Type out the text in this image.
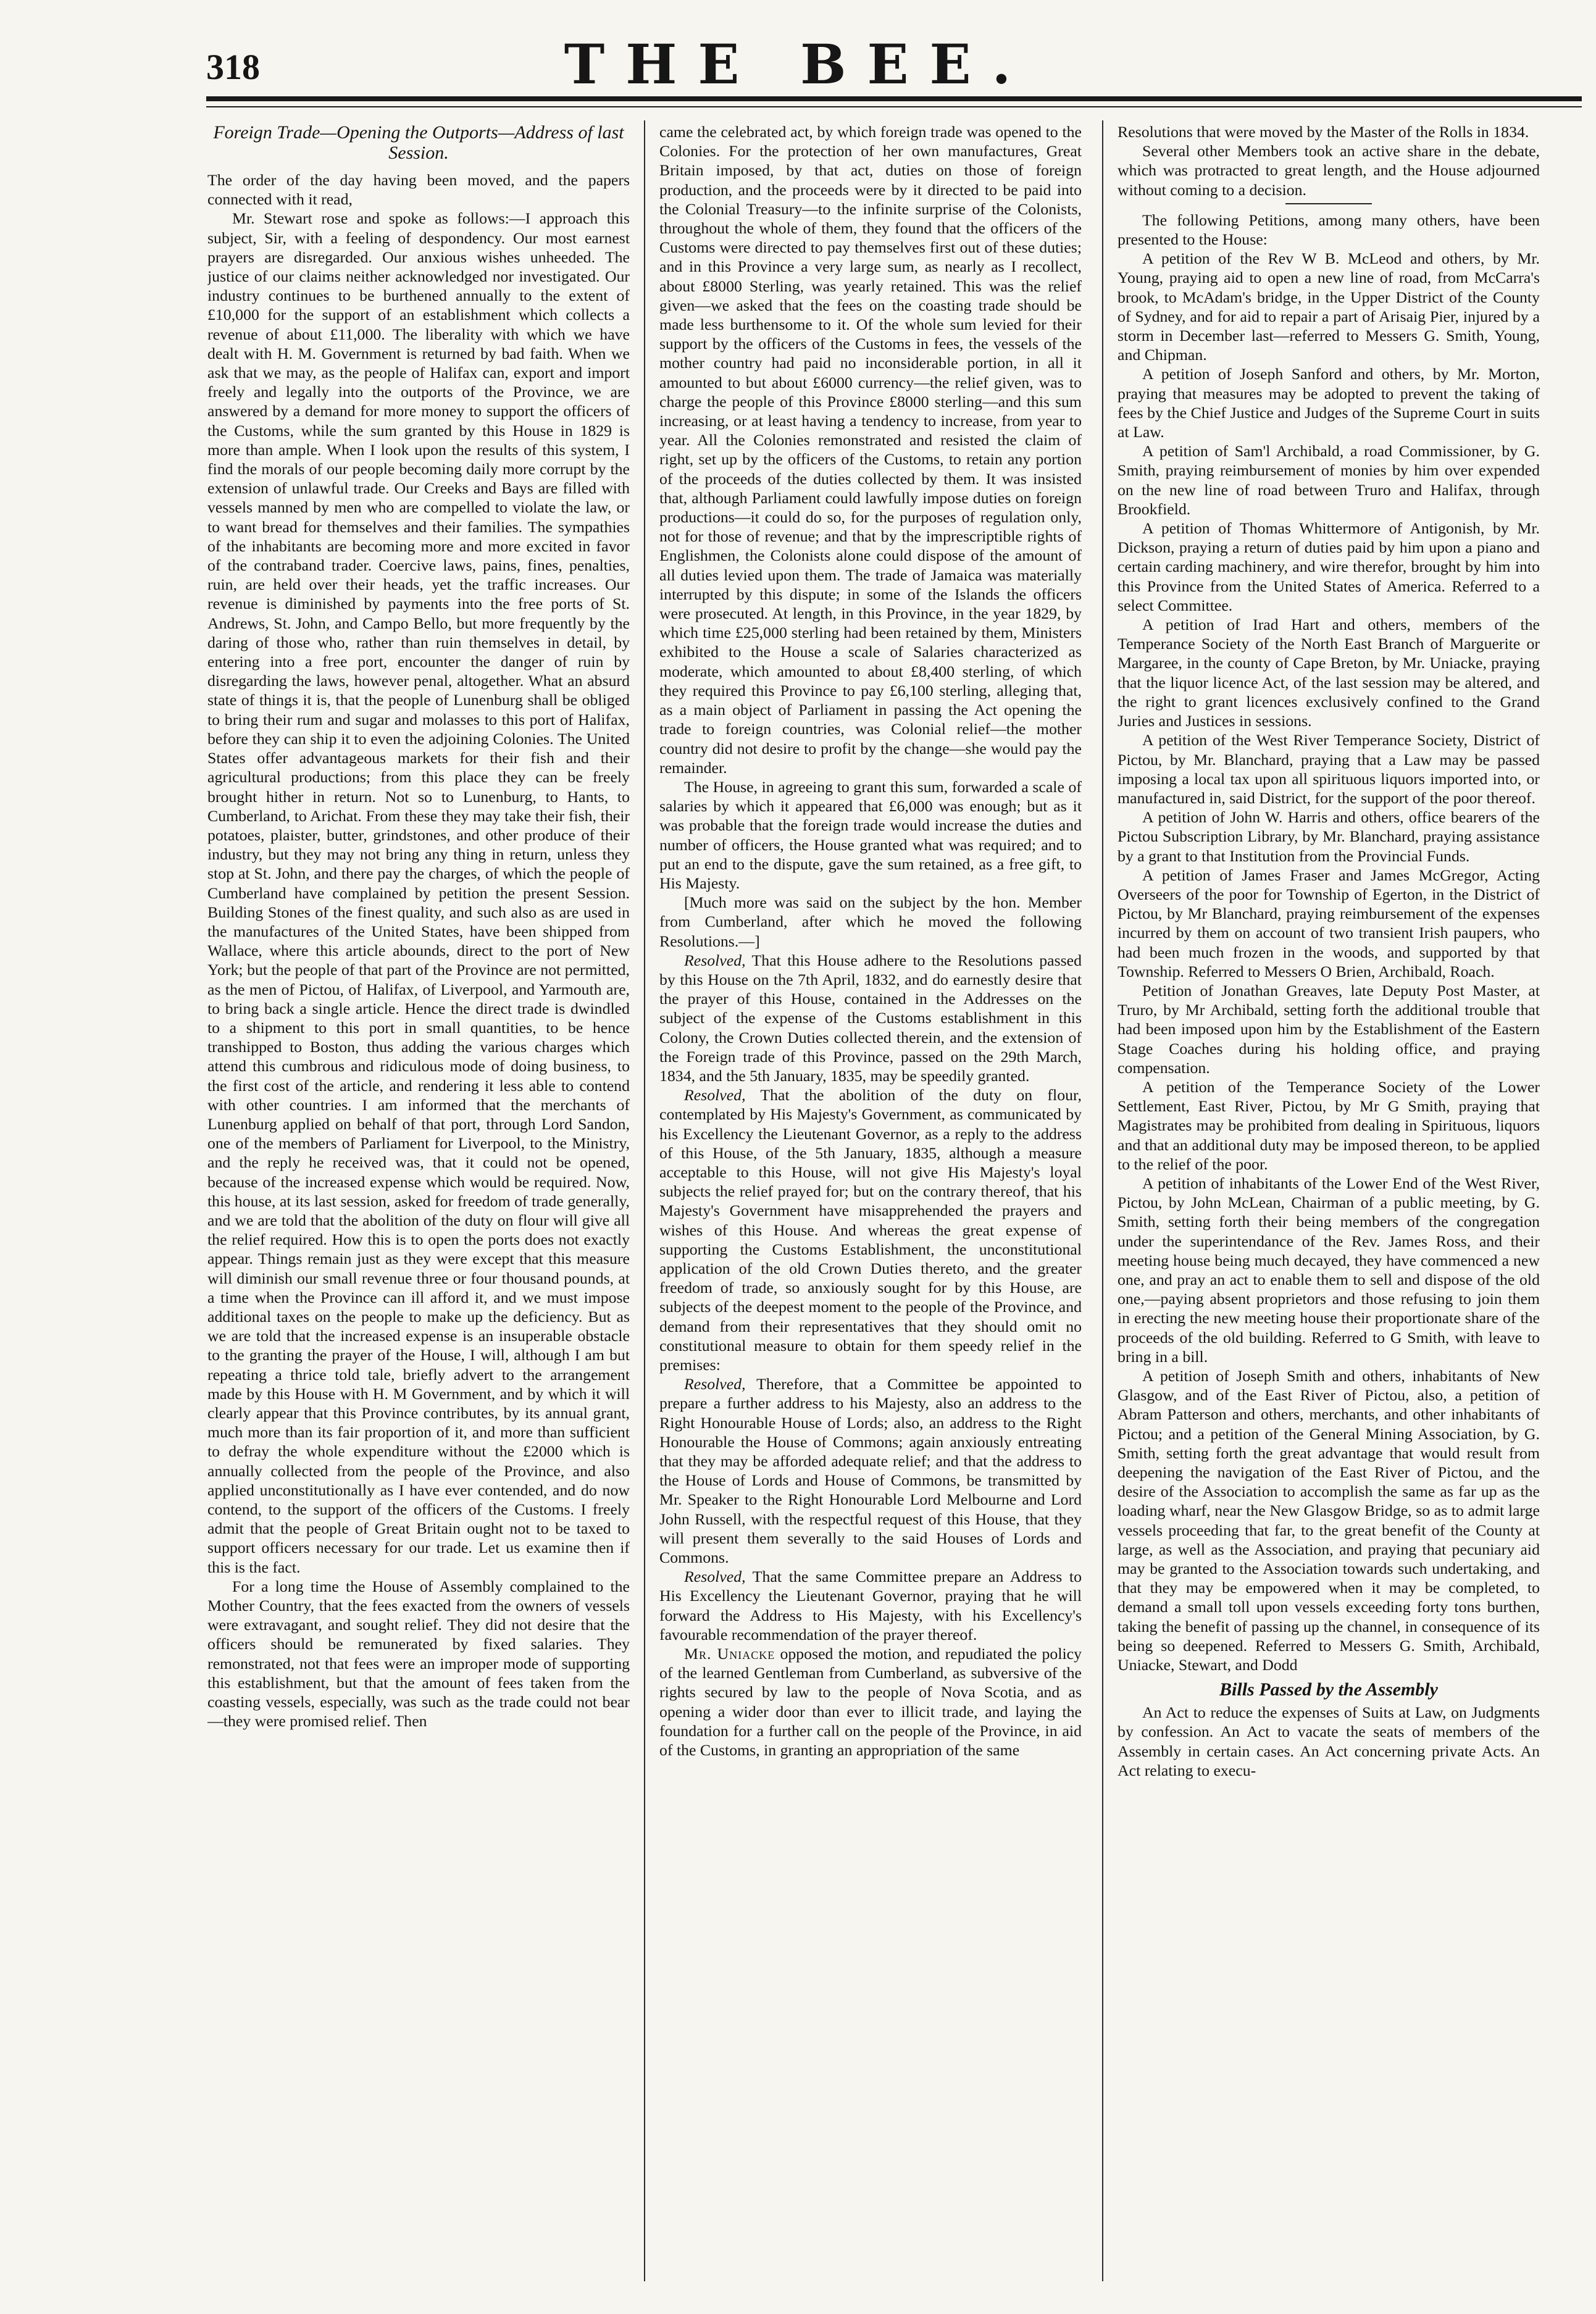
318	THE BEE.
Foreign Trade—Opening the Outports—Address of last Session.

The order of the day having been moved, and the papers connected with it read,

Mr. Stewart rose and spoke as follows:—I approach this subject, Sir, with a feeling of despondency. Our most earnest prayers are disregarded. Our anxious wishes unheeded. The justice of our claims neither acknowledged nor investigated. Our industry continues to be burthened annually to the extent of £10,000 for the support of an establishment which collects a revenue of about £11,000. The liberality with which we have dealt with H. M. Government is returned by bad faith. When we ask that we may, as the people of Halifax can, export and import freely and legally into the outports of the Province, we are answered by a demand for more money to support the officers of the Customs, while the sum granted by this House in 1829 is more than ample. When I look upon the results of this system, I find the morals of our people becoming daily more corrupt by the extension of unlawful trade. Our Creeks and Bays are filled with vessels manned by men who are compelled to violate the law, or to want bread for themselves and their families. The sympathies of the inhabitants are becoming more and more excited in favor of the contraband trader. Coercive laws, pains, fines, penalties, ruin, are held over their heads, yet the traffic increases. Our revenue is diminished by payments into the free ports of St. Andrews, St. John, and Campo Bello, but more frequently by the daring of those who, rather than ruin themselves in detail, by entering into a free port, encounter the danger of ruin by disregarding the laws, however penal, altogether. What an absurd state of things it is, that the people of Lunenburg shall be obliged to bring their rum and sugar and molasses to this port of Halifax, before they can ship it to even the adjoining Colonies. The United States offer advantageous markets for their fish and their agricultural productions; from this place they can be freely brought hither in return. Not so to Lunenburg, to Hants, to Cumberland, to Arichat. From these they may take their fish, their potatoes, plaister, butter, grindstones, and other produce of their industry, but they may not bring any thing in return, unless they stop at St. John, and there pay the charges, of which the people of Cumberland have complained by petition the present Session. Building Stones of the finest quality, and such also as are used in the manufactures of the United States, have been shipped from Wallace, where this article abounds, direct to the port of New York; but the people of that part of the Province are not permitted, as the men of Pictou, of Halifax, of Liverpool, and Yarmouth are, to bring back a single article. Hence the direct trade is dwindled to a shipment to this port in small quantities, to be hence transhipped to Boston, thus adding the various charges which attend this cumbrous and ridiculous mode of doing business, to the first cost of the article, and rendering it less able to contend with other countries. I am informed that the merchants of Lunenburg applied on behalf of that port, through Lord Sandon, one of the members of Parliament for Liverpool, to the Ministry, and the reply he received was, that it could not be opened, because of the increased expense which would be required. Now, this house, at its last session, asked for freedom of trade generally, and we are told that the abolition of the duty on flour will give all the relief required. How this is to open the ports does not exactly appear. Things remain just as they were except that this measure will diminish our small revenue three or four thousand pounds, at a time when the Province can ill afford it, and we must impose additional taxes on the people to make up the deficiency. But as we are told that the increased expense is an insuperable obstacle to the granting the prayer of the House, I will, although I am but repeating a thrice told tale, briefly advert to the arrangement made by this House with H. M Government, and by which it will clearly appear that this Province contributes, by its annual grant, much more than its fair proportion of it, and more than sufficient to defray the whole expenditure without the £2000 which is annually collected from the people of the Province, and also applied unconstitutionally as I have ever contended, and do now contend, to the support of the officers of the Customs. I freely admit that the people of Great Britain ought not to be taxed to support officers necessary for our trade. Let us examine then if this is the fact.

For a long time the House of Assembly complained to the Mother Country, that the fees exacted from the owners of vessels were extravagant, and sought relief. They did not desire that the officers should be remunerated by fixed salaries. They remonstrated, not that fees were an improper mode of supporting this establishment, but that the amount of fees taken from the coasting vessels, especially, was such as the trade could not bear—they were promised relief. Then

came the celebrated act, by which foreign trade was opened to the Colonies. For the protection of her own manufactures, Great Britain imposed, by that act, duties on those of foreign production, and the proceeds were by it directed to be paid into the Colonial Treasury—to the infinite surprise of the Colonists, throughout the whole of them, they found that the officers of the Customs were directed to pay themselves first out of these duties; and in this Province a very large sum, as nearly as I recollect, about £8000 Sterling, was yearly retained. This was the relief given—we asked that the fees on the coasting trade should be made less burthensome to it. Of the whole sum levied for their support by the officers of the Customs in fees, the vessels of the mother country had paid no inconsiderable portion, in all it amounted to but about £6000 currency—the relief given, was to charge the people of this Province £8000 sterling—and this sum increasing, or at least having a tendency to increase, from year to year. All the Colonies remonstrated and resisted the claim of right, set up by the officers of the Customs, to retain any portion of the proceeds of the duties collected by them. It was insisted that, although Parliament could lawfully impose duties on foreign productions—it could do so, for the purposes of regulation only, not for those of revenue; and that by the imprescriptible rights of Englishmen, the Colonists alone could dispose of the amount of all duties levied upon them. The trade of Jamaica was materially interrupted by this dispute; in some of the Islands the officers were prosecuted. At length, in this Province, in the year 1829, by which time £25,000 sterling had been retained by them, Ministers exhibited to the House a scale of Salaries characterized as moderate, which amounted to about £8,400 sterling, of which they required this Province to pay £6,100 sterling, alleging that, as a main object of Parliament in passing the Act opening the trade to foreign countries, was Colonial relief—the mother country did not desire to profit by the change—she would pay the remainder.

The House, in agreeing to grant this sum, forwarded a scale of salaries by which it appeared that £6,000 was enough; but as it was probable that the foreign trade would increase the duties and number of officers, the House granted what was required; and to put an end to the dispute, gave the sum retained, as a free gift, to His Majesty.

[Much more was said on the subject by the hon. Member from Cumberland, after which he moved the following Resolutions.—]

Resolved, That this House adhere to the Resolutions passed by this House on the 7th April, 1832, and do earnestly desire that the prayer of this House, contained in the Addresses on the subject of the expense of the Customs establishment in this Colony, the Crown Duties collected therein, and the extension of the Foreign trade of this Province, passed on the 29th March, 1834, and the 5th January, 1835, may be speedily granted.

Resolved, That the abolition of the duty on flour, contemplated by His Majesty's Government, as communicated by his Excellency the Lieutenant Governor, as a reply to the address of this House, of the 5th January, 1835, although a measure acceptable to this House, will not give His Majesty's loyal subjects the relief prayed for; but on the contrary thereof, that his Majesty's Government have misapprehended the prayers and wishes of this House. And whereas the great expense of supporting the Customs Establishment, the unconstitutional application of the old Crown Duties thereto, and the greater freedom of trade, so anxiously sought for by this House, are subjects of the deepest moment to the people of the Province, and demand from their representatives that they should omit no constitutional measure to obtain for them speedy relief in the premises:

Resolved, Therefore, that a Committee be appointed to prepare a further address to his Majesty, also an address to the Right Honourable House of Lords; also, an address to the Right Honourable the House of Commons; again anxiously entreating that they may be afforded adequate relief; and that the address to the House of Lords and House of Commons, be transmitted by Mr. Speaker to the Right Honourable Lord Melbourne and Lord John Russell, with the respectful request of this House, that they will present them severally to the said Houses of Lords and Commons.

Resolved, That the same Committee prepare an Address to His Excellency the Lieutenant Governor, praying that he will forward the Address to His Majesty, with his Excellency's favourable recommendation of the prayer thereof.

Mr. Uniacke opposed the motion, and repudiated the policy of the learned Gentleman from Cumberland, as subversive of the rights secured by law to the people of Nova Scotia, and as opening a wider door than ever to illicit trade, and laying the foundation for a further call on the people of the Province, in aid of the Customs, in granting an appropriation of the same

Resolutions that were moved by the Master of the Rolls in 1834.

Several other Members took an active share in the debate, which was protracted to great length, and the House adjourned without coming to a decision.

The following Petitions, among many others, have been presented to the House:

A petition of the Rev W B. McLeod and others, by Mr. Young, praying aid to open a new line of road, from McCarra's brook, to McAdam's bridge, in the Upper District of the County of Sydney, and for aid to repair a part of Arisaig Pier, injured by a storm in December last—referred to Messers G. Smith, Young, and Chipman.

A petition of Joseph Sanford and others, by Mr. Morton, praying that measures may be adopted to prevent the taking of fees by the Chief Justice and Judges of the Supreme Court in suits at Law.

A petition of Sam'l Archibald, a road Commissioner, by G. Smith, praying reimbursement of monies by him over expended on the new line of road between Truro and Halifax, through Brookfield.

A petition of Thomas Whittermore of Antigonish, by Mr. Dickson, praying a return of duties paid by him upon a piano and certain carding machinery, and wire therefor, brought by him into this Province from the United States of America. Referred to a select Committee.

A petition of Irad Hart and others, members of the Temperance Society of the North East Branch of Marguerite or Margaree, in the county of Cape Breton, by Mr. Uniacke, praying that the liquor licence Act, of the last session may be altered, and the right to grant licences exclusively confined to the Grand Juries and Justices in sessions.

A petition of the West River Temperance Society, District of Pictou, by Mr. Blanchard, praying that a Law may be passed imposing a local tax upon all spirituous liquors imported into, or manufactured in, said District, for the support of the poor thereof.

A petition of John W. Harris and others, office bearers of the Pictou Subscription Library, by Mr. Blanchard, praying assistance by a grant to that Institution from the Provincial Funds.

A petition of James Fraser and James McGregor, Acting Overseers of the poor for Township of Egerton, in the District of Pictou, by Mr Blanchard, praying reimbursement of the expenses incurred by them on account of two transient Irish paupers, who had been much frozen in the woods, and supported by that Township. Referred to Messers O Brien, Archibald, Roach.

Petition of Jonathan Greaves, late Deputy Post Master, at Truro, by Mr Archibald, setting forth the additional trouble that had been imposed upon him by the Establishment of the Eastern Stage Coaches during his holding office, and praying compensation.

A petition of the Temperance Society of the Lower Settlement, East River, Pictou, by Mr G Smith, praying that Magistrates may be prohibited from dealing in Spirituous, liquors and that an additional duty may be imposed thereon, to be applied to the relief of the poor.

A petition of inhabitants of the Lower End of the West River, Pictou, by John McLean, Chairman of a public meeting, by G. Smith, setting forth their being members of the congregation under the superintendance of the Rev. James Ross, and their meeting house being much decayed, they have commenced a new one, and pray an act to enable them to sell and dispose of the old one,—paying absent proprietors and those refusing to join them in erecting the new meeting house their proportionate share of the proceeds of the old building. Referred to G Smith, with leave to bring in a bill.

A petition of Joseph Smith and others, inhabitants of New Glasgow, and of the East River of Pictou, also, a petition of Abram Patterson and others, merchants, and other inhabitants of Pictou; and a petition of the General Mining Association, by G. Smith, setting forth the great advantage that would result from deepening the navigation of the East River of Pictou, and the desire of the Association to accomplish the same as far up as the loading wharf, near the New Glasgow Bridge, so as to admit large vessels proceeding that far, to the great benefit of the County at large, as well as the Association, and praying that pecuniary aid may be granted to the Association towards such undertaking, and that they may be empowered when it may be completed, to demand a small toll upon vessels exceeding forty tons burthen, taking the benefit of passing up the channel, in consequence of its being so deepened. Referred to Messers G. Smith, Archibald, Uniacke, Stewart, and Dodd

Bills Passed by the Assembly

An Act to reduce the expenses of Suits at Law, on Judgments by confession. An Act to vacate the seats of members of the Assembly in certain cases. An Act concerning private Acts. An Act relating to execu-
